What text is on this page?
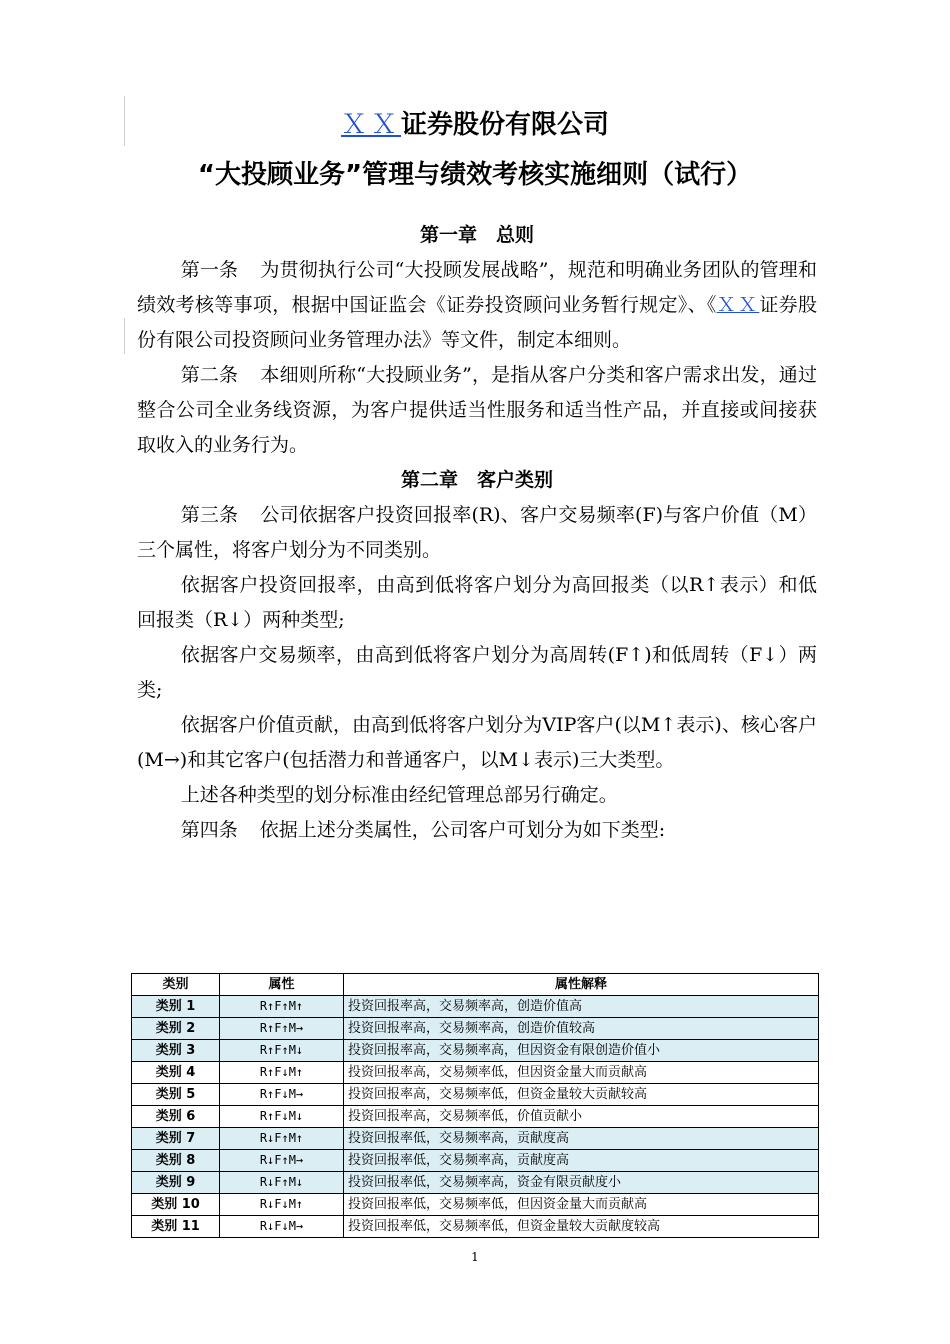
ＸＸ证券股份有限公司
“大投顾业务”管理与绩效考核实施细则（试行）
第一章　总则

第一条 为贯彻执行公司“大投顾发展战略”，规范和明确业务团队的管理和绩效考核等事项，根据中国证监会《证券投资顾问业务暂行规定》、《ＸＸ证券股份有限公司投资顾问业务管理办法》等文件，制定本细则。

第二条 本细则所称“大投顾业务”，是指从客户分类和客户需求出发，通过整合公司全业务线资源，为客户提供适当性服务和适当性产品，并直接或间接获取收入的业务行为。

第二章　客户类别

第三条 公司依据客户投资回报率(R)、客户交易频率(F)与客户价值（M）三个属性，将客户划分为不同类别。

依据客户投资回报率，由高到低将客户划分为高回报类（以R↑表示）和低回报类（R↓）两种类型;

依据客户交易频率，由高到低将客户划分为高周转(F↑)和低周转（F↓）两类;

依据客户价值贡献，由高到低将客户划分为VIP客户(以M↑表示)、核心客户(M→)和其它客户(包括潜力和普通客户，以M↓表示)三大类型。

上述各种类型的划分标准由经纪管理总部另行确定。

第四条 依据上述分类属性，公司客户可划分为如下类型:

类别	属性	属性解释
类别 1	R↑F↑M↑	投资回报率高，交易频率高，创造价值高
类别 2	R↑F↑M→	投资回报率高，交易频率高，创造价值较高
类别 3	R↑F↑M↓	投资回报率高，交易频率高，但因资金有限创造价值小
类别 4	R↑F↓M↑	投资回报率高，交易频率低，但因资金量大而贡献高
类别 5	R↑F↓M→	投资回报率高，交易频率低，但资金量较大贡献较高
类别 6	R↑F↓M↓	投资回报率高，交易频率低，价值贡献小
类别 7	R↓F↑M↑	投资回报率低，交易频率高，贡献度高
类别 8	R↓F↑M→	投资回报率低，交易频率高，贡献度高
类别 9	R↓F↑M↓	投资回报率低，交易频率高，资金有限贡献度小
类别 10	R↓F↓M↑	投资回报率低，交易频率低，但因资金量大而贡献高
类别 11	R↓F↓M→	投资回报率低，交易频率低，但资金量较大贡献度较高
1
